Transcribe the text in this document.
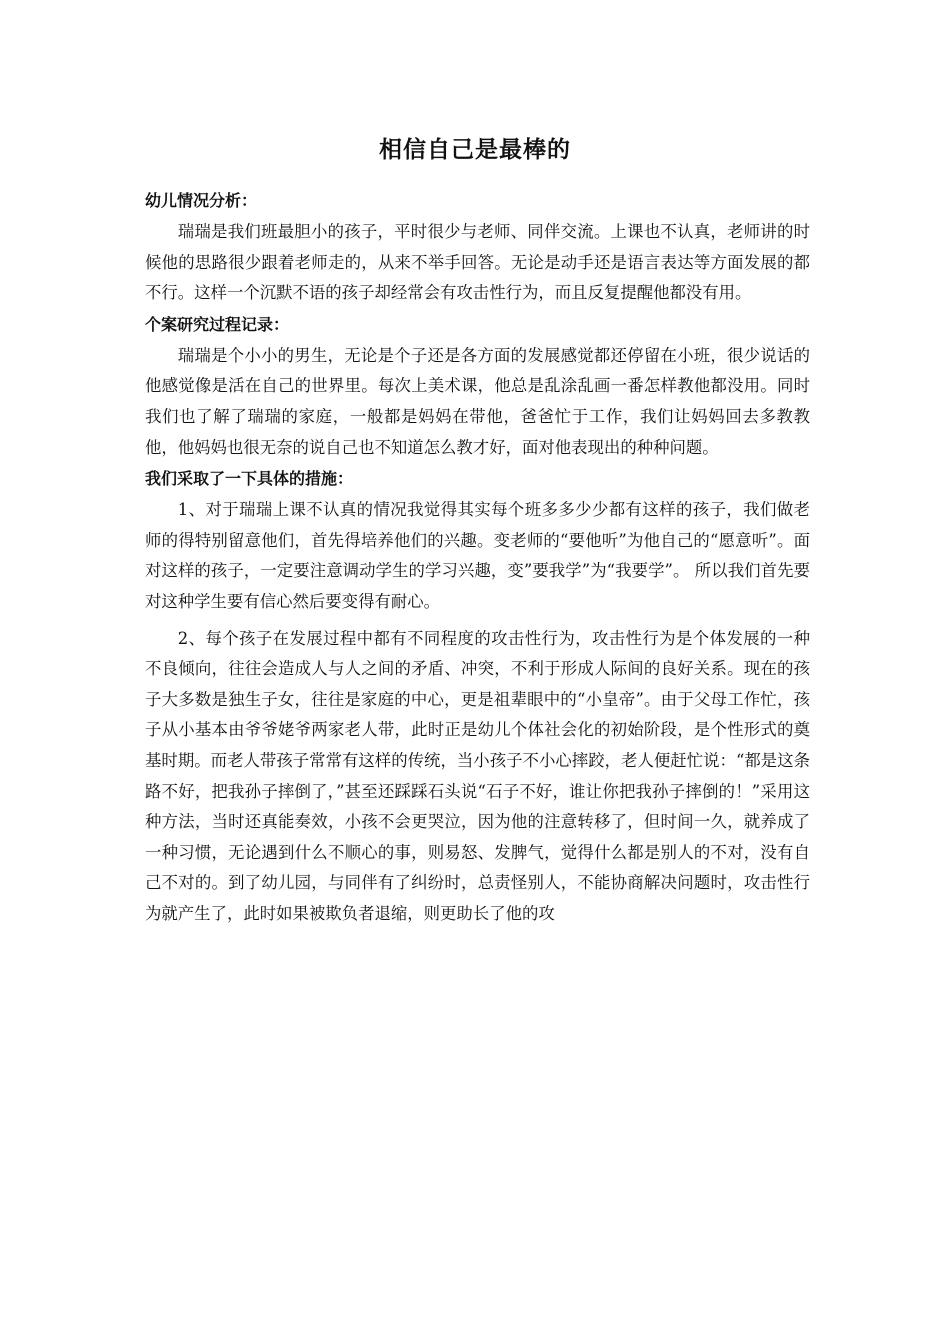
相信自己是最棒的

幼儿情况分析：

瑞瑞是我们班最胆小的孩子，平时很少与老师、同伴交流。上课也不认真，老师讲的时候他的思路很少跟着老师走的，从来不举手回答。无论是动手还是语言表达等方面发展的都不行。这样一个沉默不语的孩子却经常会有攻击性行为，而且反复提醒他都没有用。

个案研究过程记录：

瑞瑞是个小小的男生，无论是个子还是各方面的发展感觉都还停留在小班，很少说话的他感觉像是活在自己的世界里。每次上美术课，他总是乱涂乱画一番怎样教他都没用。同时我们也了解了瑞瑞的家庭，一般都是妈妈在带他，爸爸忙于工作，我们让妈妈回去多教教他，他妈妈也很无奈的说自己也不知道怎么教才好，面对他表现出的种种问题。

我们采取了一下具体的措施：

1、对于瑞瑞上课不认真的情况我觉得其实每个班多多少少都有这样的孩子，我们做老师的得特别留意他们，首先得培养他们的兴趣。变老师的“要他听”为他自己的“愿意听”。面对这样的孩子，一定要注意调动学生的学习兴趣，变”要我学”为“我要学”。 所以我们首先要对这种学生要有信心然后要变得有耐心。

2、每个孩子在发展过程中都有不同程度的攻击性行为，攻击性行为是个体发展的一种不良倾向，往往会造成人与人之间的矛盾、冲突，不利于形成人际间的良好关系。现在的孩子大多数是独生子女，往往是家庭的中心，更是祖辈眼中的“小皇帝”。由于父母工作忙，孩子从小基本由爷爷姥爷两家老人带，此时正是幼儿个体社会化的初始阶段，是个性形式的奠基时期。而老人带孩子常常有这样的传统，当小孩子不小心摔跤，老人便赶忙说：“都是这条路不好，把我孙子摔倒了，”甚至还踩踩石头说“石子不好，谁让你把我孙子摔倒的！”采用这种方法，当时还真能奏效，小孩不会更哭泣，因为他的注意转移了，但时间一久，就养成了一种习惯，无论遇到什么不顺心的事，则易怒、发脾气，觉得什么都是别人的不对，没有自己不对的。到了幼儿园，与同伴有了纠纷时，总责怪别人，不能协商解决问题时，攻击性行为就产生了，此时如果被欺负者退缩，则更助长了他的攻
